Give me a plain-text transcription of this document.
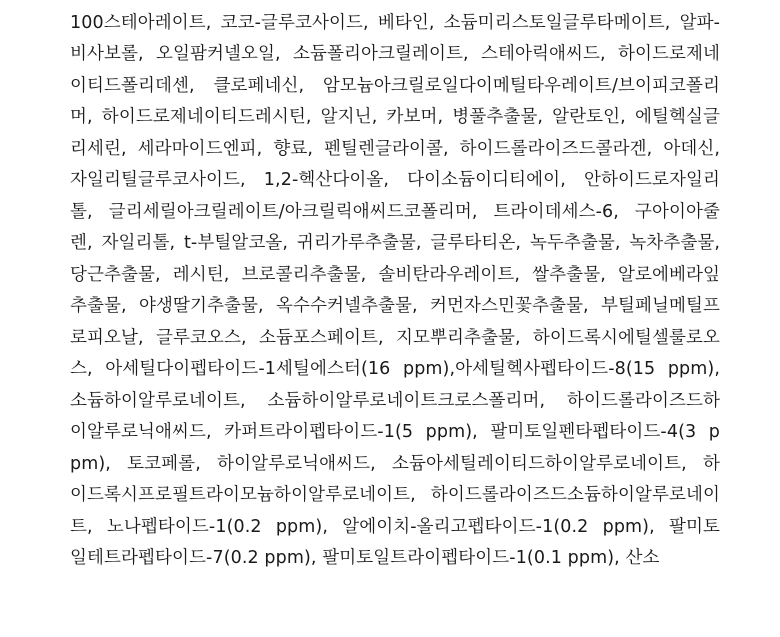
100스테아레이트, 코코-글루코사이드, 베타인, 소듐미리스토일글루타메이트, 알파-
비사보롤, 오일팜커넬오일, 소듐폴리아크릴레이트, 스테아릭애씨드, 하이드로제네
이티드폴리데센, 클로페네신, 암모늄아크릴로일다이메틸타우레이트/브이피코폴리
머, 하이드로제네이티드레시틴, 알지닌, 카보머, 병풀추출물, 알란토인, 에틸헥실글
리세린, 세라마이드엔피, 향료, 펜틸렌글라이콜, 하이드롤라이즈드콜라겐, 아데신,
자일리틸글루코사이드, 1,2-헥산다이올, 다이소듐이디티에이, 안하이드로자일리
톨, 글리세릴아크릴레이트/아크릴릭애씨드코폴리머, 트라이데세스-6, 구아이아줄
렌, 자일리톨, t-부틸알코올, 귀리가루추출물, 글루타티온, 녹두추출물, 녹차추출물,
당근추출물, 레시틴, 브로콜리추출물, 솔비탄라우레이트, 쌀추출물, 알로에베라잎
추출물, 야생딸기추출물, 옥수수커넬추출물, 커먼자스민꽃추출물, 부틸페닐메틸프
로피오날, 글루코오스, 소듐포스페이트, 지모뿌리추출물, 하이드록시에틸셀룰로오
스, 아세틸다이펩타이드-1세틸에스터(16 ppm),아세틸헥사펩타이드-8(15 ppm),
소듐하이알루로네이트, 소듐하이알루로네이트크로스폴리머, 하이드롤라이즈드하
이알루로닉애씨드, 카퍼트라이펩타이드-1(5 ppm), 팔미토일펜타펩타이드-4(3 p
pm), 토코페롤, 하이알루로닉애씨드, 소듐아세틸레이티드하이알루로네이트, 하
이드록시프로필트라이모늄하이알루로네이트, 하이드롤라이즈드소듐하이알루로네이
트, 노나펩타이드-1(0.2 ppm), 알에이치-올리고펩타이드-1(0.2 ppm), 팔미토
일테트라펩타이드-7(0.2 ppm), 팔미토일트라이펩타이드-1(0.1 ppm), 산소
